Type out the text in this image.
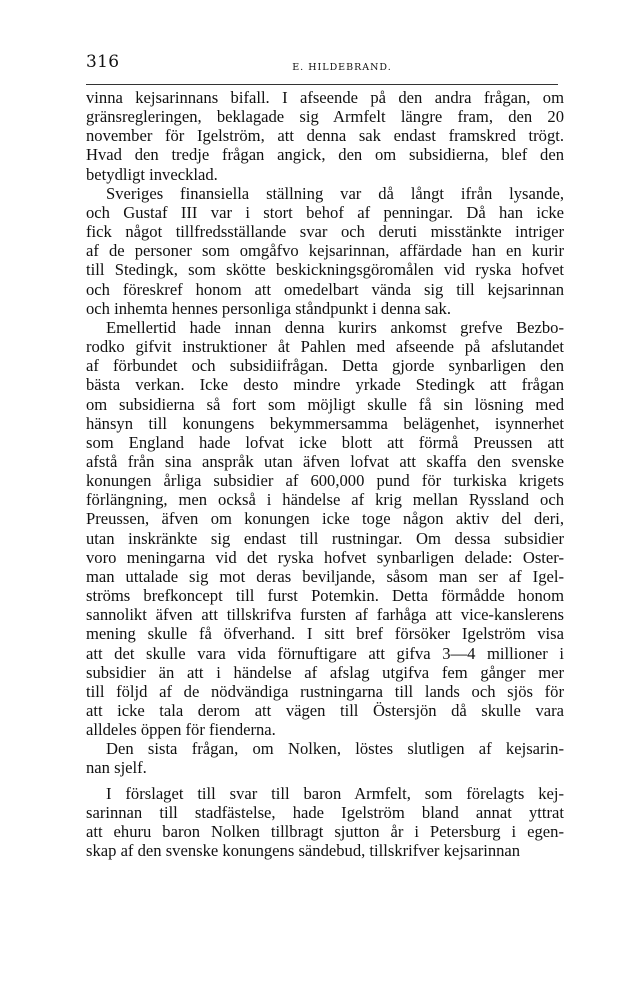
316	E. HILDEBRAND.

vinna kejsarinnans bifall. I afseende på den andra frågan, om
gränsregleringen, beklagade sig Armfelt längre fram, den 20
november för Igelström, att denna sak endast framskred trögt.
Hvad den tredje frågan angick, den om subsidierna, blef den
betydligt invecklad.

Sveriges finansiella ställning var då långt ifrån lysande,
och Gustaf III var i stort behof af penningar. Då han icke
fick något tillfredsställande svar och deruti misstänkte intriger
af de personer som omgåfvo kejsarinnan, affärdade han en kurir
till Stedingk, som skötte beskickningsgöromålen vid ryska hofvet
och föreskref honom att omedelbart vända sig till kejsarinnan
och inhemta hennes personliga ståndpunkt i denna sak.

Emellertid hade innan denna kurirs ankomst grefve Bezbo-
rodko gifvit instruktioner åt Pahlen med afseende på afslutandet
af förbundet och subsidiifrågan. Detta gjorde synbarligen den
bästa verkan. Icke desto mindre yrkade Stedingk att frågan
om subsidierna så fort som möjligt skulle få sin lösning med
hänsyn till konungens bekymmersamma belägenhet, isynnerhet
som England hade lofvat icke blott att förmå Preussen att
afstå från sina anspråk utan äfven lofvat att skaffa den svenske
konungen årliga subsidier af 600,000 pund för turkiska krigets
förlängning, men också i händelse af krig mellan Ryssland och
Preussen, äfven om konungen icke toge någon aktiv del deri,
utan inskränkte sig endast till rustningar. Om dessa subsidier
voro meningarna vid det ryska hofvet synbarligen delade: Oster-
man uttalade sig mot deras beviljande, såsom man ser af Igel-
ströms brefkoncept till furst Potemkin. Detta förmådde honom
sannolikt äfven att tillskrifva fursten af farhåga att vice-kanslerens
mening skulle få öfverhand. I sitt bref försöker Igelström visa
att det skulle vara vida förnuftigare att gifva 3—4 millioner i
subsidier än att i händelse af afslag utgifva fem gånger mer
till följd af de nödvändiga rustningarna till lands och sjös för
att icke tala derom att vägen till Östersjön då skulle vara
alldeles öppen för fienderna.

Den sista frågan, om Nolken, löstes slutligen af kejsarin-
nan sjelf.

I förslaget till svar till baron Armfelt, som förelagts kej-
sarinnan till stadfästelse, hade Igelström bland annat yttrat
att ehuru baron Nolken tillbragt sjutton år i Petersburg i egen-
skap af den svenske konungens sändebud, tillskrifver kejsarinnan
